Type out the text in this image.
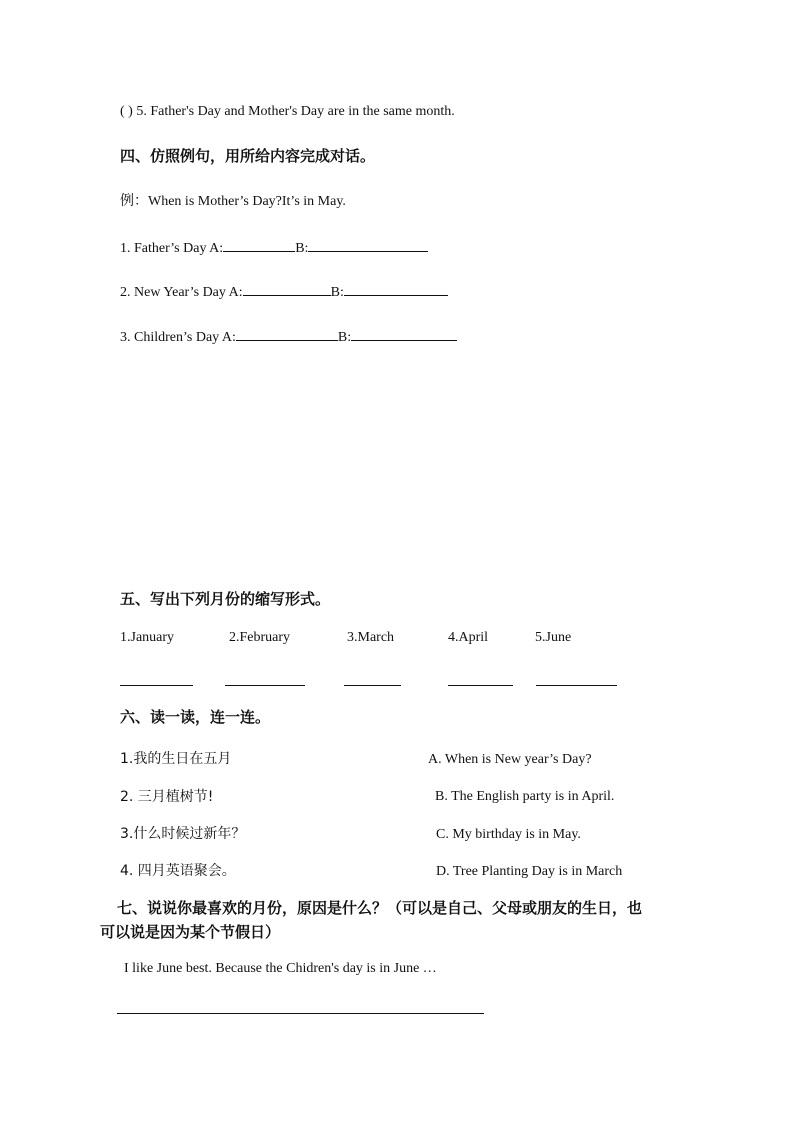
( ) 5. Father's Day and Mother's Day are in the same month.
四、仿照例句，用所给内容完成对话。
例：When is Mother’s Day?It’s in May.
1. Father’s Day A:	B:
2. New Year’s Day A:	B:
3. Children’s Day A:	B:
五、写出下列月份的缩写形式。
1.January	2.February	3.March	4.April	5.June
六、读一读，连一连。
1.我的生日在五月
2. 三月植树节!
3.什么时候过新年？
4. 四月英语聚会。
A. When is New year’s Day?
B. The English party is in April.
C. My birthday is in May.
D. Tree Planting Day is in March
七、说说你最喜欢的月份，原因是什么？（可以是自己、父母或朋友的生日，也
可以说是因为某个节假日）
I like June best. Because the Chidren's day is in June …
